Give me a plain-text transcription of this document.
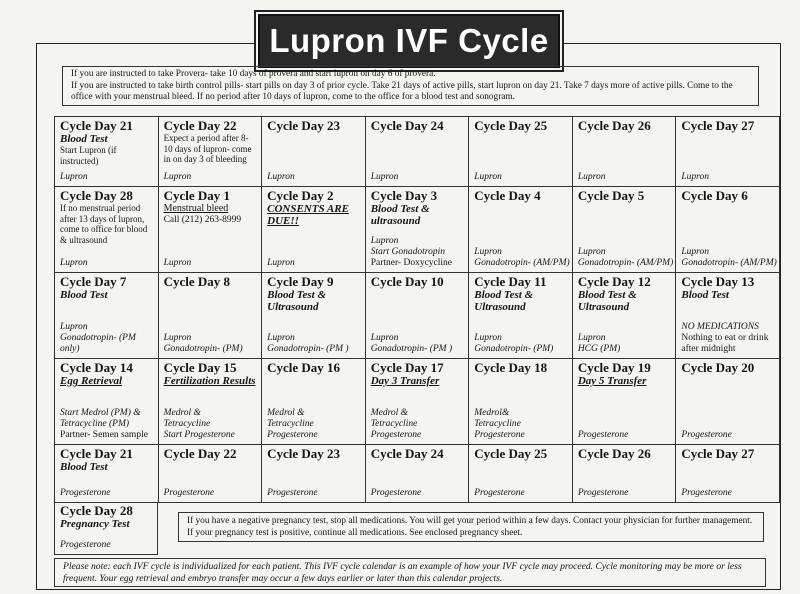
Lupron IVF Cycle
If you are instructed to take Provera- take 10 days of provera and start lupron on day 6 of provera.
If you are instructed to take birth control pills- start pills on day 3 of prior cycle. Take 21 days of active pills, start lupron on day 21. Take 7 days more of active pills. Come to the office with your menstrual bleed. If no period after 10 days of lupron, come to the office for a blood test and sonogram.
Cycle Day 21
Blood Test
Start Lupron (if instructed)
Lupron	Cycle Day 22
Expect a period after 8-10 days of lupron- come in on day 3 of bleeding
Lupron	Cycle Day 23
Lupron	Cycle Day 24
Lupron	Cycle Day 25
Lupron	Cycle Day 26
Lupron	Cycle Day 27
Lupron

Cycle Day 28
If no menstrual period after 13 days of lupron, come to office for blood & ultrasound
Lupron	Cycle Day 1
Menstrual bleed
Call (212) 263-8999
Lupron	Cycle Day 2
CONSENTS ARE DUE!!
Lupron	Cycle Day 3
Blood Test & ultrasound
Lupron
Start Gonadotropin
Partner- Doxycycline	Cycle Day 4
Lupron
Gonadotropin- (AM/PM)	Cycle Day 5
Lupron
Gonadotropin- (AM/PM)	Cycle Day 6
Lupron
Gonadotropin- (AM/PM)

Cycle Day 7
Blood Test
Lupron
Gonadotropin- (PM only)	Cycle Day 8
Lupron
Gonadotropin- (PM)	Cycle Day 9
Blood Test & Ultrasound
Lupron
Gonadotropin- (PM )	Cycle Day 10
Lupron
Gonadotropin- (PM )	Cycle Day 11
Blood Test & Ultrasound
Lupron
Gonadotropin- (PM)	Cycle Day 12
Blood Test & Ultrasound
Lupron
HCG (PM)	Cycle Day 13
Blood Test
NO MEDICATIONS
Nothing to eat or drink after midnight

Cycle Day 14
Egg Retrieval
Start Medrol (PM) &
Tetracycline (PM)
Partner- Semen sample	Cycle Day 15
Fertilization Results
Medrol &
Tetracycline
Start Progesterone	Cycle Day 16
Medrol &
Tetracycline
Progesterone	Cycle Day 17
Day 3 Transfer
Medrol &
Tetracycline
Progesterone	Cycle Day 18
Medrol&
Tetracycline
Progesterone	Cycle Day 19
Day 5 Transfer
Progesterone	Cycle Day 20
Progesterone

Cycle Day 21
Blood Test
Progesterone	Cycle Day 22
Progesterone	Cycle Day 23
Progesterone	Cycle Day 24
Progesterone	Cycle Day 25
Progesterone	Cycle Day 26
Progesterone	Cycle Day 27
Progesterone
Cycle Day 28
Pregnancy Test
Progesterone
If you have a negative pregnancy test, stop all medications. You will get your period within a few days. Contact your physician for further management.
If your pregnancy test is positive, continue all medications. See enclosed pregnancy sheet.
Please note: each IVF cycle is individualized for each patient. This IVF cycle calendar is an example of how your IVF cycle may proceed. Cycle monitoring may be more or less frequent. Your egg retrieval and embryo transfer may occur a few days earlier or later than this calendar projects.
